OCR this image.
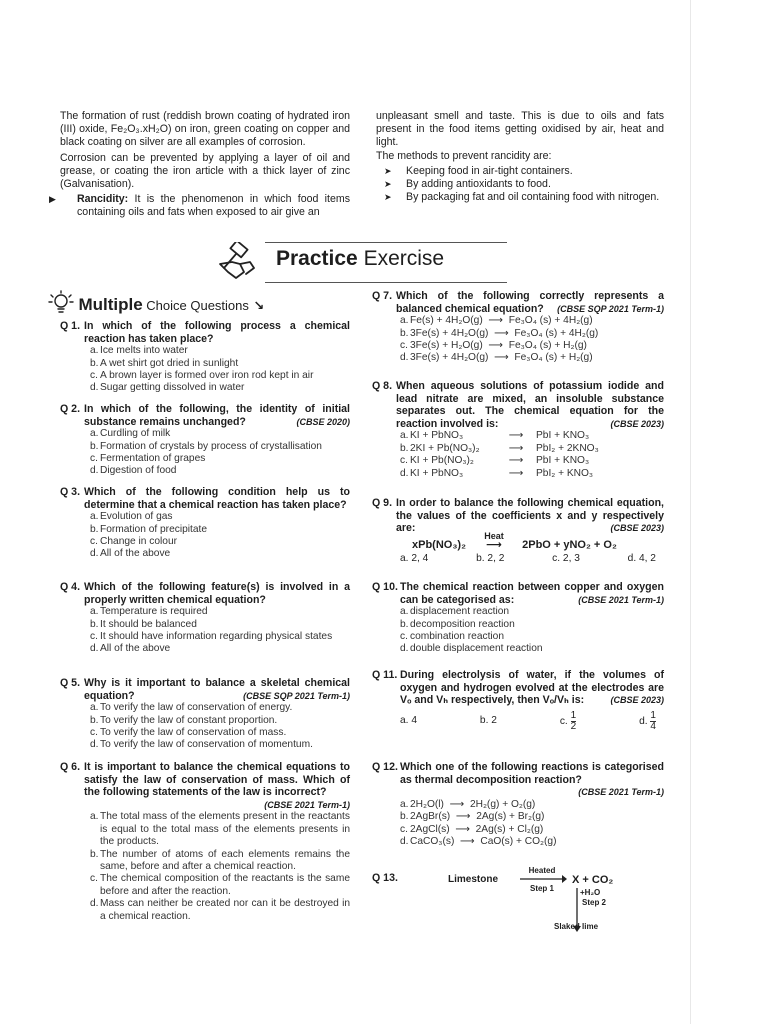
The formation of rust (reddish brown coating of hydrated iron (III) oxide, Fe₂O₃.xH₂O) on iron, green coating on copper and black coating on silver are all examples of corrosion.

Corrosion can be prevented by applying a layer of oil and grease, or coating the iron article with a thick layer of zinc (Galvanisation).

▶ Rancidity: It is the phenomenon in which food items containing oils and fats when exposed to air give an

unpleasant smell and taste. This is due to oils and fats present in the food items getting oxidised by air, heat and light.

The methods to prevent rancidity are:

➤ Keeping food in air-tight containers.
➤ By adding antioxidants to food.
➤ By packaging fat and oil containing food with nitrogen.
Practice Exercise
Multiple Choice Questions ↘
Q 1. In which of the following process a chemical reaction has taken place?
a. Ice melts into water
b. A wet shirt got dried in sunlight
c. A brown layer is formed over iron rod kept in air
d. Sugar getting dissolved in water
Q 2. In which of the following, the identity of initial substance remains unchanged?	(CBSE 2020)
a. Curdling of milk
b. Formation of crystals by process of crystallisation
c. Fermentation of grapes
d. Digestion of food
Q 3. Which of the following condition help us to determine that a chemical reaction has taken place?
a. Evolution of gas
b. Formation of precipitate
c. Change in colour
d. All of the above
Q 4. Which of the following feature(s) is involved in a properly written chemical equation?
a. Temperature is required
b. It should be balanced
c. It should have information regarding physical states
d. All of the above
Q 5. Why is it important to balance a skeletal chemical equation?	(CBSE SQP 2021 Term-1)
a. To verify the law of conservation of energy.
b. To verify the law of constant proportion.
c. To verify the law of conservation of mass.
d. To verify the law of conservation of momentum.
Q 6. It is important to balance the chemical equations to satisfy the law of conservation of mass. Which of the following statements of the law is incorrect?
(CBSE 2021 Term-1)
a. The total mass of the elements present in the reactants is equal to the total mass of the elements presents in the products.
b. The number of atoms of each elements remains the same, before and after a chemical reaction.
c. The chemical composition of the reactants is the same before and after the reaction.
d. Mass can neither be created nor can it be destroyed in a chemical reaction.
Q 7. Which of the following correctly represents a balanced chemical equation? (CBSE SQP 2021 Term-1)
a. Fe(s) + 4H₂O(g) ⟶ Fe₃O₄ (s) + 4H₂(g)
b. 3Fe(s) + 4H₂O(g) ⟶ Fe₃O₄ (s) + 4H₂(g)
c. 3Fe(s) + H₂O(g) ⟶ Fe₃O₄ (s) + H₂(g)
d. 3Fe(s) + 4H₂O(g) ⟶ Fe₃O₄ (s) + H₂(g)
Q 8. When aqueous solutions of potassium iodide and lead nitrate are mixed, an insoluble substance separates out. The chemical equation for the reaction involved is:	(CBSE 2023)
a. KI + PbNO₃	⟶ PbI + KNO₃
b. 2KI + Pb(NO₃)₂	⟶ PbI₂ + 2KNO₃
c. KI + Pb(NO₃)₂	⟶ PbI + KNO₃
d. KI + PbNO₃	⟶ PbI₂ + KNO₃
Q 9. In order to balance the following chemical equation, the values of the coefficients x and y respectively are:	(CBSE 2023)
xPb(NO₃)₂
Heat
⟶ 2PbO + yNO₂ + O₂
a. 2, 4	b. 2, 2	c. 2, 3	d. 4, 2
Q 10. The chemical reaction between copper and oxygen can be categorised as:	(CBSE 2021 Term-1)
a. displacement reaction
b. decomposition reaction
c. combination reaction
d. double displacement reaction
Q 11. During electrolysis of water, if the volumes of oxygen and hydrogen evolved at the electrodes are Vₒ and Vₕ respectively, then Vₒ/Vₕ is:	(CBSE 2023)
a. 4	b. 2	c. $\frac{1}{2}$	d. $\frac{1}{4}$
Q 12. Which one of the following reactions is categorised as thermal decomposition reaction?
(CBSE 2021 Term-1)
a. 2H₂O(l) ⟶ 2H₂(g) + O₂(g)
b. 2AgBr(s) ⟶ 2Ag(s) + Br₂(g)
c. 2AgCl(s) ⟶ 2Ag(s) + Cl₂(g)
d. CaCO₃(s) ⟶ CaO(s) + CO₂(g)
Q 13.	Limestone
Heated
Step 1
X + CO₂
+H₂O
Step 2
Slaked lime
